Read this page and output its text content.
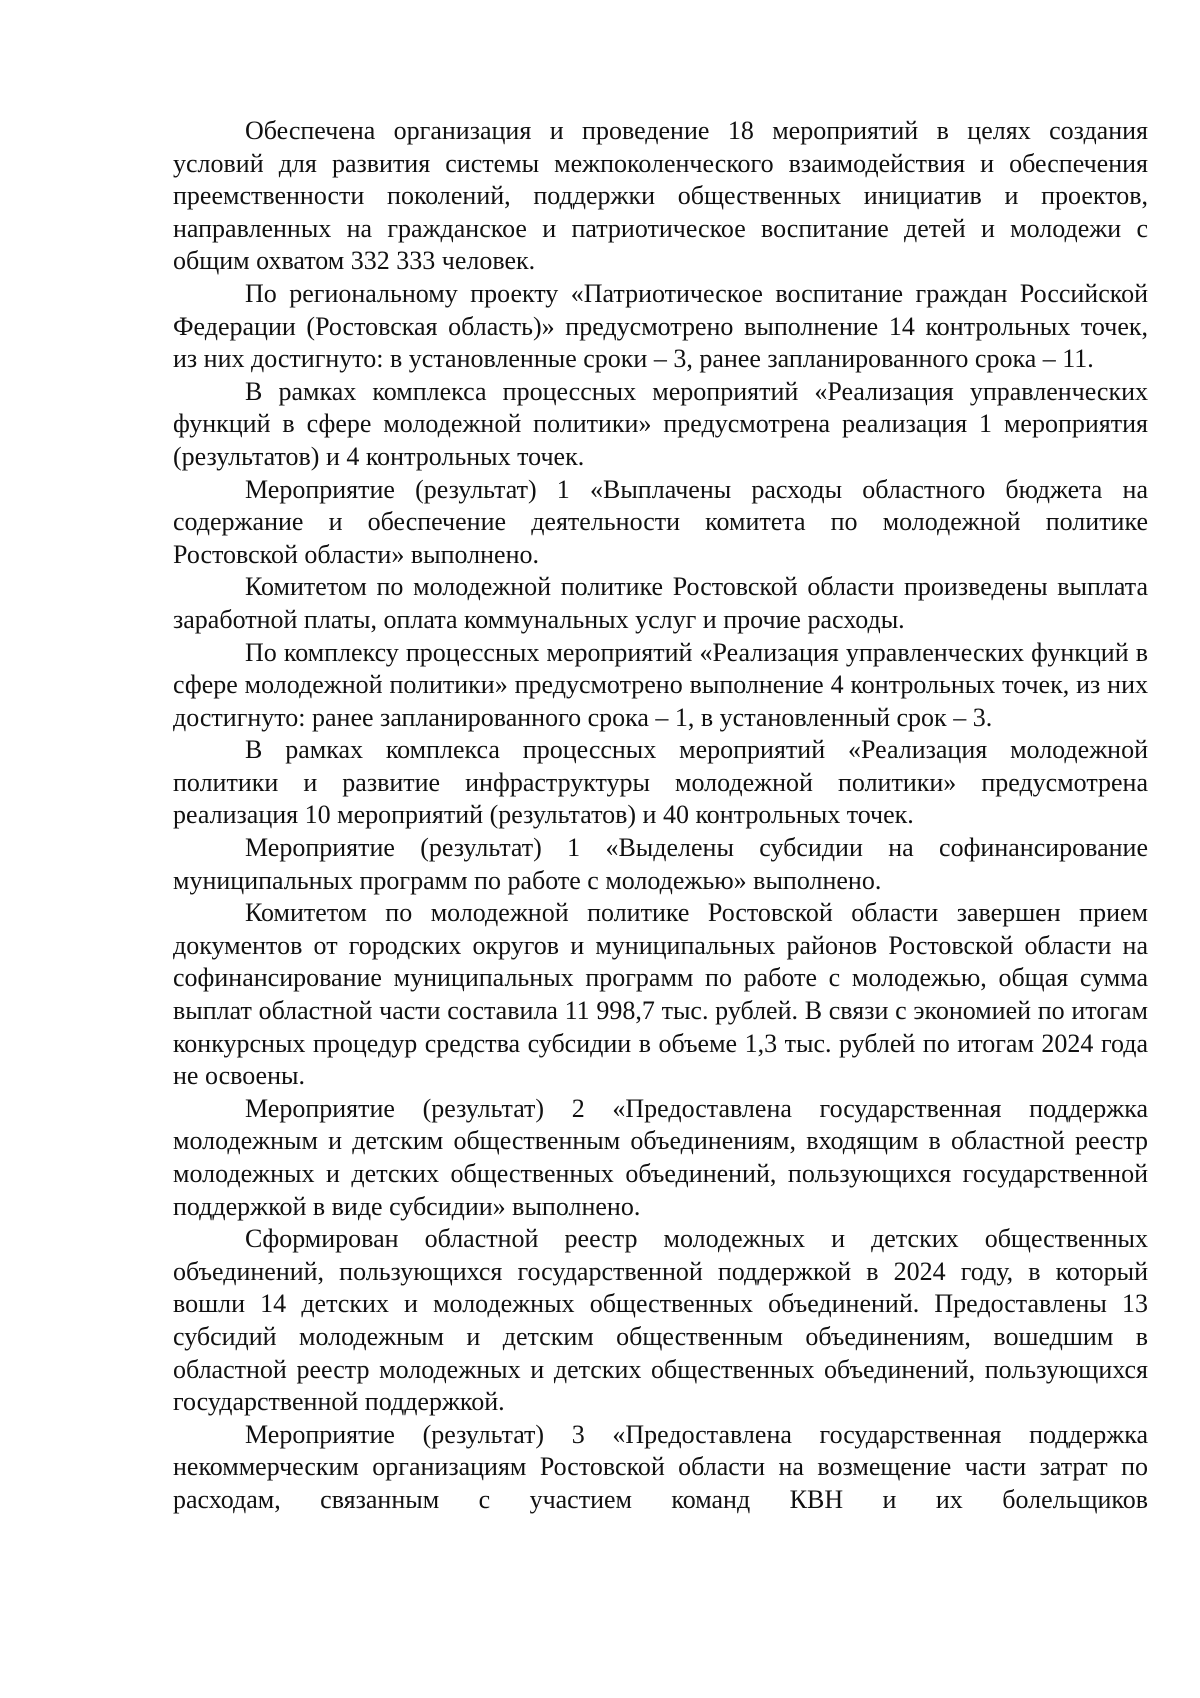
Обеспечена организация и проведение 18 мероприятий в целях создания условий для развития системы межпоколенческого взаимодействия и обеспечения преемственности поколений, поддержки общественных инициатив и проектов, направленных на гражданское и патриотическое воспитание детей и молодежи с общим охватом 332 333 человек.

По региональному проекту «Патриотическое воспитание граждан Российской Федерации (Ростовская область)» предусмотрено выполнение 14 контрольных точек, из них достигнуто: в установленные сроки – 3, ранее запланированного срока – 11.

В рамках комплекса процессных мероприятий «Реализация управленческих функций в сфере молодежной политики» предусмотрена реализация 1 мероприятия (результатов) и 4 контрольных точек.

Мероприятие (результат) 1 «Выплачены расходы областного бюджета на содержание и обеспечение деятельности комитета по молодежной политике Ростовской области» выполнено.

Комитетом по молодежной политике Ростовской области произведены выплата заработной платы, оплата коммунальных услуг и прочие расходы.

По комплексу процессных мероприятий «Реализация управленческих функций в сфере молодежной политики» предусмотрено выполнение 4 контрольных точек, из них достигнуто: ранее запланированного срока – 1, в установленный срок – 3.

В рамках комплекса процессных мероприятий «Реализация молодежной политики и развитие инфраструктуры молодежной политики» предусмотрена реализация 10 мероприятий (результатов) и 40 контрольных точек.

Мероприятие (результат) 1 «Выделены субсидии на софинансирование муниципальных программ по работе с молодежью» выполнено.

Комитетом по молодежной политике Ростовской области завершен прием документов от городских округов и муниципальных районов Ростовской области на софинансирование муниципальных программ по работе с молодежью, общая сумма выплат областной части составила 11 998,7 тыс. рублей. В связи с экономией по итогам конкурсных процедур средства субсидии в объеме 1,3 тыс. рублей по итогам 2024 года не освоены.

Мероприятие (результат) 2 «Предоставлена государственная поддержка молодежным и детским общественным объединениям, входящим в областной реестр молодежных и детских общественных объединений, пользующихся государственной поддержкой в виде субсидии» выполнено.

Сформирован областной реестр молодежных и детских общественных объединений, пользующихся государственной поддержкой в 2024 году, в который вошли 14 детских и молодежных общественных объединений. Предоставлены 13 субсидий молодежным и детским общественным объединениям, вошедшим в областной реестр молодежных и детских общественных объединений, пользующихся государственной поддержкой.

Мероприятие (результат) 3 «Предоставлена государственная поддержка некоммерческим организациям Ростовской области на возмещение части затрат по расходам, связанным с участием команд КВН и их болельщиков
